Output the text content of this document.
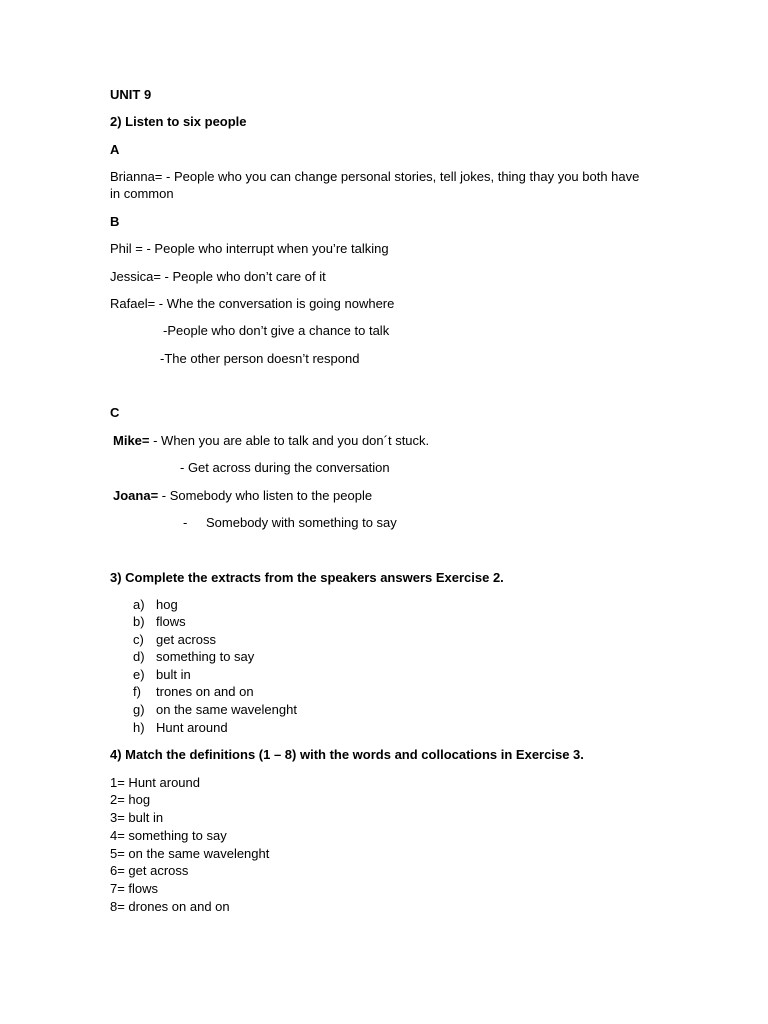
UNIT 9
2) Listen to six people
A
Brianna= - People who you can change personal stories, tell jokes, thing thay you both have in common
B
Phil = - People who interrupt when you’re talking
Jessica= - People who don’t care of it
Rafael= - Whe the conversation is going nowhere
-People who don’t give a chance to talk
-The other person doesn’t respond
C
Mike= - When you are able to talk and you don´t stuck.
- Get across during the conversation
Joana= - Somebody who listen to the people
- Somebody with something to say
3) Complete the extracts from the speakers answers Exercise 2.
a) hog
b) flows
c) get across
d) something to say
e) bult in
f) trones on and on
g) on the same wavelenght
h) Hunt around
4) Match the definitions (1 – 8) with the words and collocations in Exercise 3.
1= Hunt around
2= hog
3= bult in
4= something to say
5= on the same wavelenght
6= get across
7= flows
8= drones on and on
